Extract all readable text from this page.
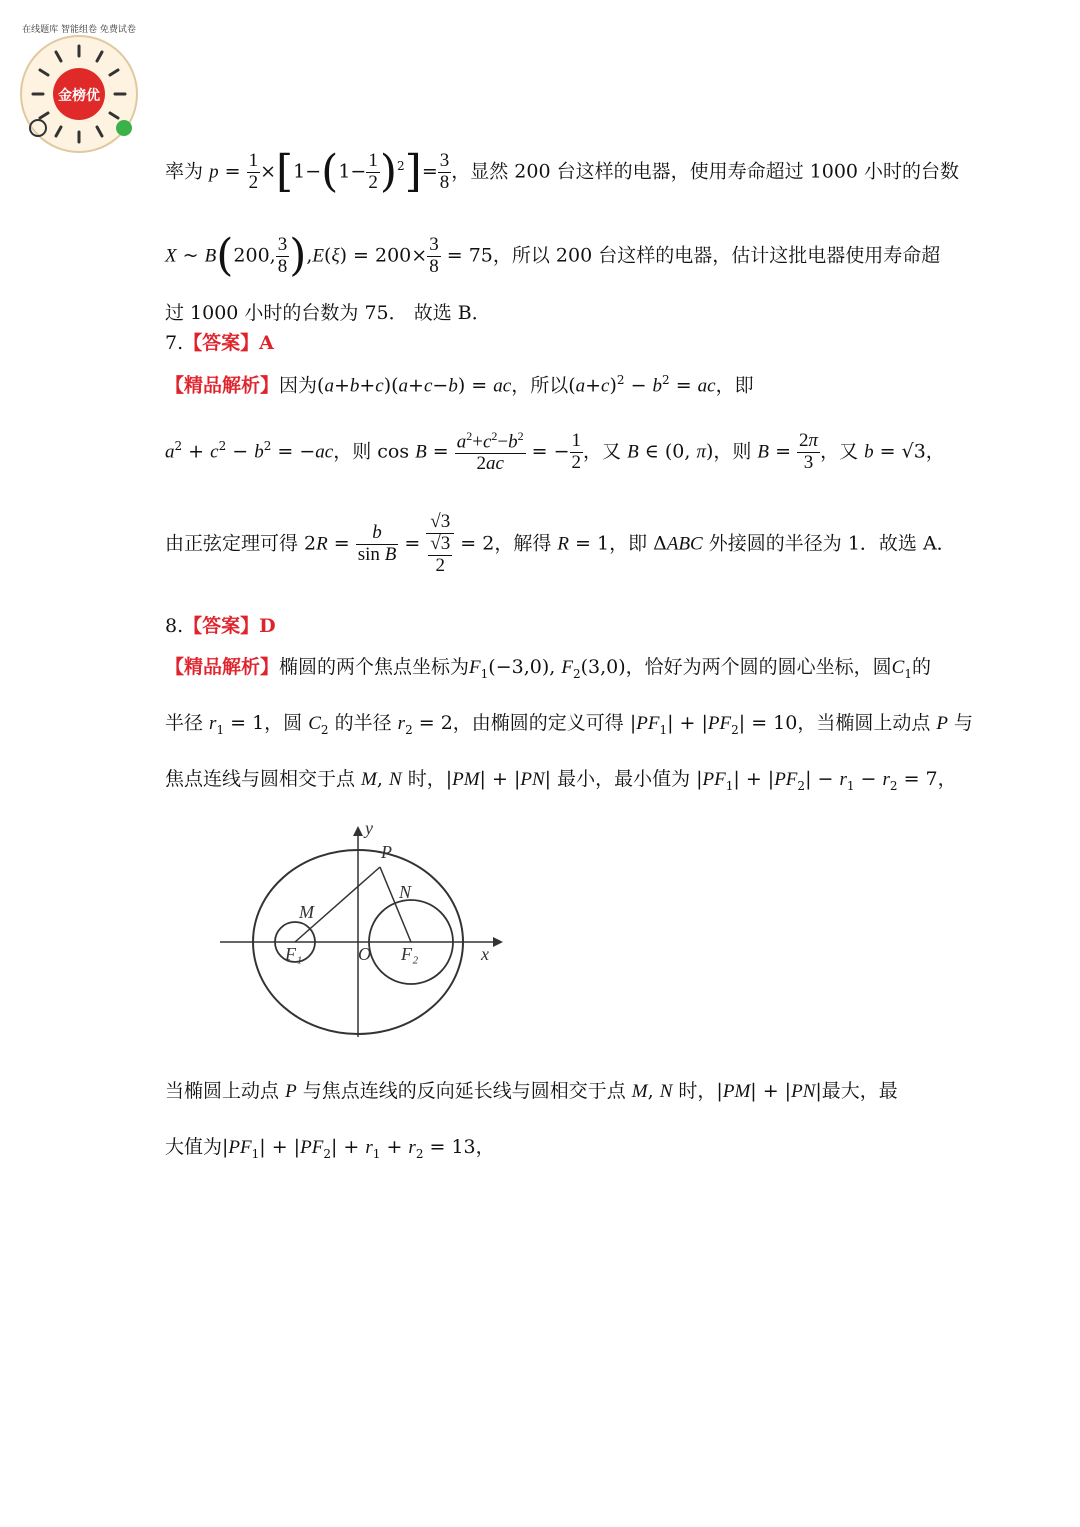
金榜优
在线题库 智能组卷 免费试卷
率为 $p = \frac{1}{2} \times[1-(1- \frac{1}{2} )^2]= \frac{3}{8}$ ，显然 200 台这样的电器，使用寿命超过 1000 小时的台数
X ~ B(200, $\frac{3}{8} ),E(\xi) = 200\times \frac{3}{8} = 75$，所以 200 台这样的电器，估计这批电器使用寿命超
过 1000 小时的台数为 75． 故选 B．
7.【答案】A
【精品解析】因为(a+b+c)(a+c−b) = ac，所以$(a+c)^2 - b^2$ = ac，即
$a^2 + c^2 - b^2 = -ac$，则 $\cos B = \frac{a^2+c^2-b^2}{2ac}$ = − $\frac{1}{2}$ ，又 B ∈ (0, π)，则 $B = \frac{2\pi}{3}$ ，又 b = √3，
由正弦定理可得 $2R = \frac{b}{\text{sin B}} = \frac{√3}{\frac{√3}{2}} = 2$，解得 R = 1，即 ΔABC 外接圆的半径为 1．故选 A．
8.【答案】D
【精品解析】椭圆的两个焦点坐标为$F_1(-3,0)$, $F_2(3,0)$，恰好为两个圆的圆心坐标，圆$C_1$的
半径 $r_1 = 1$，圆 $C_2$ 的半径 $r_2 = 2$，由椭圆的定义可得 $|PF_1| + |PF_2| = 10$，当椭圆上动点 P 与
焦点连线与圆相交于点 M, N 时，|PM| + |PN| 最小，最小值为 $|PF_1| + |PF_2| - r_1 - r_2 = 7$，
y
P
N
M
F₁	O F₂	x
当椭圆上动点 P 与焦点连线的反向延长线与圆相交于点 M, N 时，|PM| + |PN|最大，最
大值为$|PF_1| + |PF_2| + r_1 + r_2 = 13$，
